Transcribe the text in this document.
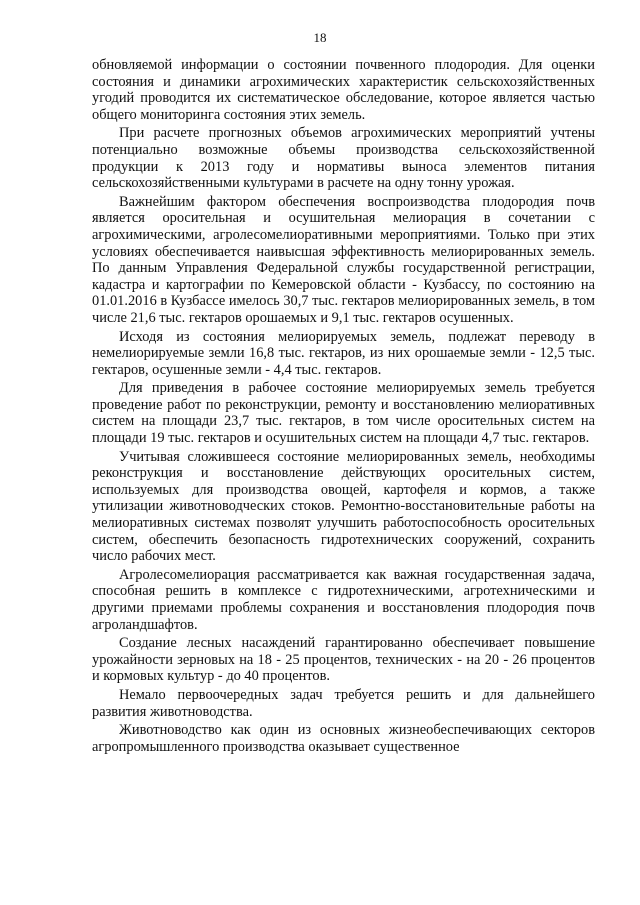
18

обновляемой информации о состоянии почвенного плодородия. Для оценки состояния и динамики агрохимических характеристик сельскохозяйственных угодий проводится их систематическое обследование, которое является частью общего мониторинга состояния этих земель.

При расчете прогнозных объемов агрохимических мероприятий учтены потенциально возможные объемы производства сельскохозяйственной продукции к 2013 году и нормативы выноса элементов питания сельскохозяйственными культурами в расчете на одну тонну урожая.

Важнейшим фактором обеспечения воспроизводства плодородия почв является оросительная и осушительная мелиорация в сочетании с агрохимическими, агролесомелиоративными мероприятиями. Только при этих условиях обеспечивается наивысшая эффективность мелиорированных земель. По данным Управления Федеральной службы государственной регистрации, кадастра и картографии по Кемеровской области - Кузбассу, по состоянию на 01.01.2016 в Кузбассе имелось 30,7 тыс. гектаров мелиорированных земель, в том числе 21,6 тыс. гектаров орошаемых и 9,1 тыс. гектаров осушенных.

Исходя из состояния мелиорируемых земель, подлежат переводу в немелиорируемые земли 16,8 тыс. гектаров, из них орошаемые земли - 12,5 тыс. гектаров, осушенные земли - 4,4 тыс. гектаров.

Для приведения в рабочее состояние мелиорируемых земель требуется проведение работ по реконструкции, ремонту и восстановлению мелиоративных систем на площади 23,7 тыс. гектаров, в том числе оросительных систем на площади 19 тыс. гектаров и осушительных систем на площади 4,7 тыс. гектаров.

Учитывая сложившееся состояние мелиорированных земель, необходимы реконструкция и восстановление действующих оросительных систем, используемых для производства овощей, картофеля и кормов, а также утилизации животноводческих стоков. Ремонтно-восстановительные работы на мелиоративных системах позволят улучшить работоспособность оросительных систем, обеспечить безопасность гидротехнических сооружений, сохранить число рабочих мест.

Агролесомелиорация рассматривается как важная государственная задача, способная решить в комплексе с гидротехническими, агротехническими и другими приемами проблемы сохранения и восстановления плодородия почв агроландшафтов.

Создание лесных насаждений гарантированно обеспечивает повышение урожайности зерновых на 18 - 25 процентов, технических - на 20 - 26 процентов и кормовых культур - до 40 процентов.

Немало первоочередных задач требуется решить и для дальнейшего развития животноводства.

Животноводство как один из основных жизнеобеспечивающих секторов агропромышленного производства оказывает существенное
